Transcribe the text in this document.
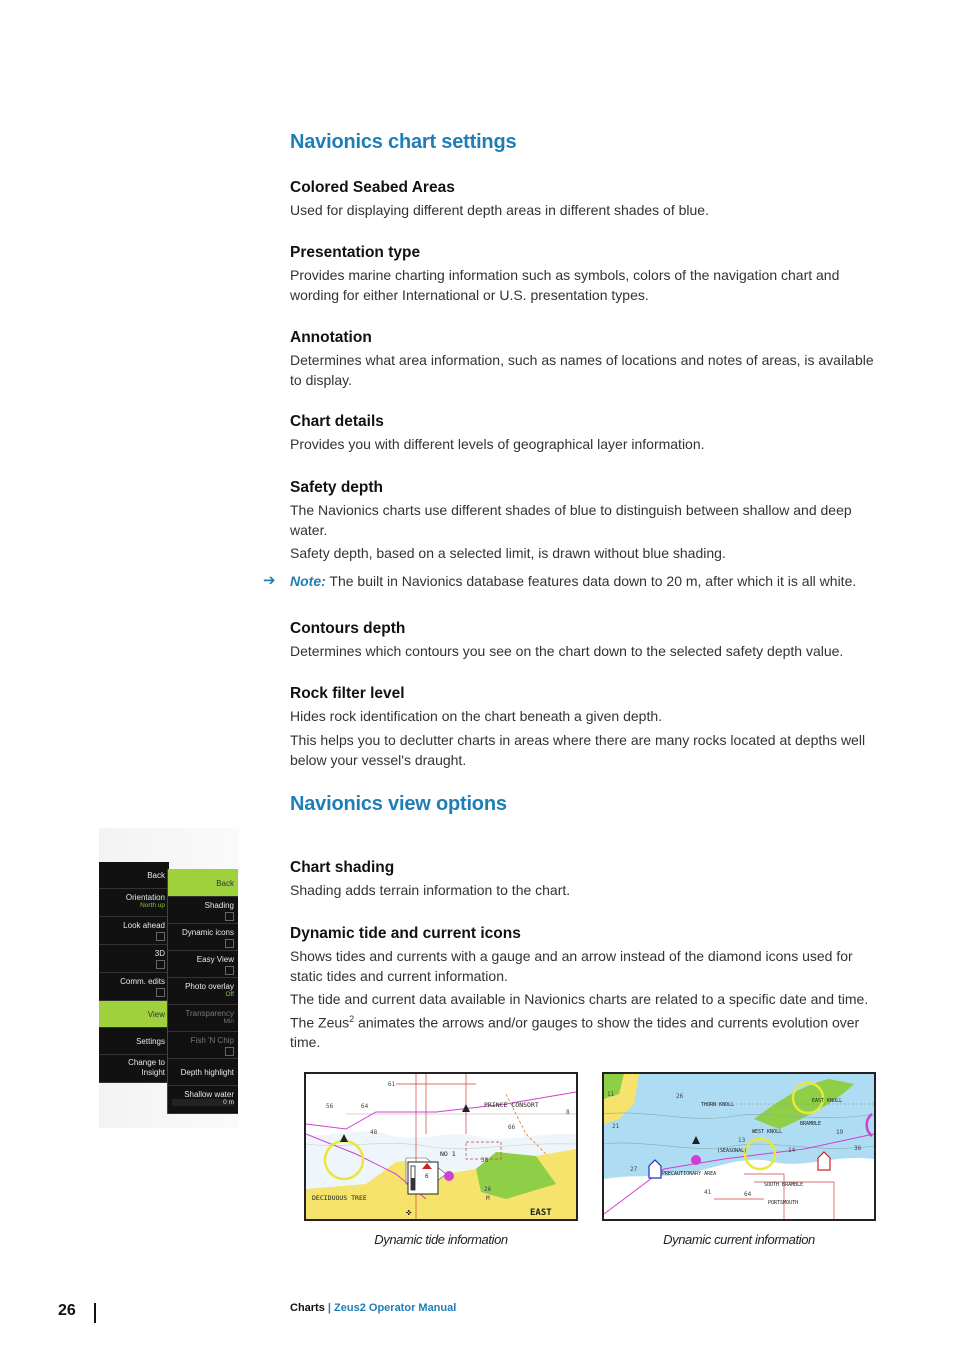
Navionics chart settings
Colored Seabed Areas
Used for displaying different depth areas in different shades of blue.
Presentation type
Provides marine charting information such as symbols, colors of the navigation chart and wording for either International or U.S. presentation types.
Annotation
Determines what area information, such as names of locations and notes of areas, is available to display.
Chart details
Provides you with different levels of geographical layer information.
Safety depth
The Navionics charts use different shades of blue to distinguish between shallow and deep water.
Safety depth, based on a selected limit, is drawn without blue shading.
➔ Note: The built in Navionics database features data down to 20 m, after which it is all white.
Contours depth
Determines which contours you see on the chart down to the selected safety depth value.
Rock filter level
Hides rock identification on the chart beneath a given depth.
This helps you to declutter charts in areas where there are many rocks located at depths well below your vessel's draught.
Navionics view options
Chart shading
Shading adds terrain information to the chart.
Dynamic tide and current icons
Shows tides and currents with a gauge and an arrow instead of the diamond icons used for static tides and current information.
The tide and current data available in Navionics charts are related to a specific date and time. The Zeus$^2$ animates the arrows and/or gauges to show the tides and currents evolution over time.
Back
Orientation
North up
Look ahead

3D

Comm. edits

View
Settings
Change to
Insight
Back
Shading

Dynamic icons

Easy View

Photo overlay
Off
Transparency
Min
Fish 'N Chip

Depth highlight
Shallow water
0 m
6
PRINCE CONSORT
DECIDUOUS TREE
EAST
NO 1
56
61
64
48
66
38
26
M
8
✜
THORN KNOLL
EAST KNOLL
BRAMBLE
WEST KNOLL
(SEASONAL)
PRECAUTIONARY AREA
SOUTH BRAMBLE
PORTSMOUTH
11	26
21
27
41	64
19
14
13
36
Dynamic tide information	Dynamic current information
26	Charts | Zeus2 Operator Manual
